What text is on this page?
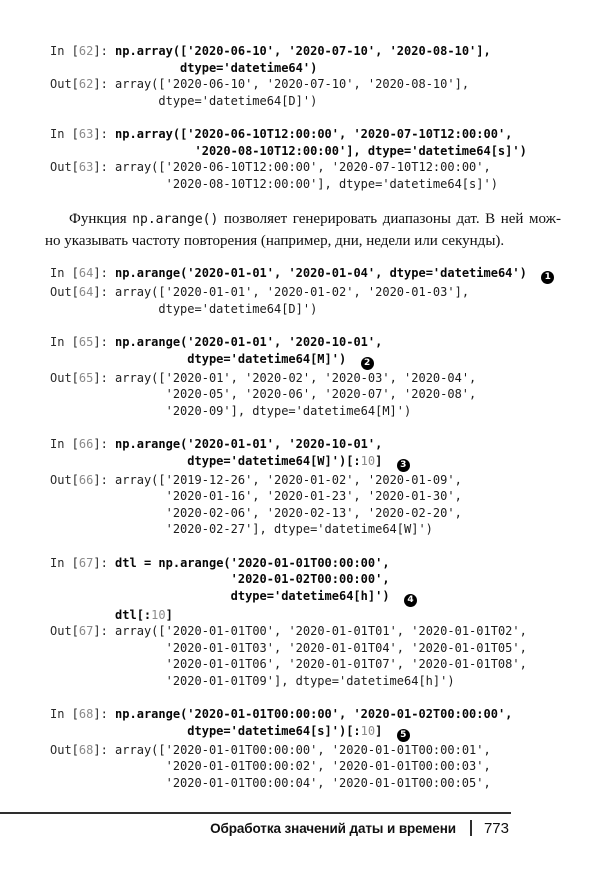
In [62]: np.array(['2020-06-10', '2020-07-10', '2020-08-10'],
dtype='datetime64')
Out[62]: array(['2020-06-10', '2020-07-10', '2020-08-10'],
dtype='datetime64[D]')
In [63]: np.array(['2020-06-10T12:00:00', '2020-07-10T12:00:00',
'2020-08-10T12:00:00'], dtype='datetime64[s]')
Out[63]: array(['2020-06-10T12:00:00', '2020-07-10T12:00:00',
'2020-08-10T12:00:00'], dtype='datetime64[s]')
Функция np.arange() позволяет генерировать диапазоны дат. В ней мож-
но указывать частоту повторения (например, дни, недели или секунды).
In [64]: np.arange('2020-01-01', '2020-01-04', dtype='datetime64')  1
Out[64]: array(['2020-01-01', '2020-01-02', '2020-01-03'],
dtype='datetime64[D]')
In [65]: np.arange('2020-01-01', '2020-10-01',
dtype='datetime64[M]')  2
Out[65]: array(['2020-01', '2020-02', '2020-03', '2020-04',
'2020-05', '2020-06', '2020-07', '2020-08',
'2020-09'], dtype='datetime64[M]')
In [66]: np.arange('2020-01-01', '2020-10-01',
dtype='datetime64[W]')[:10]  3
Out[66]: array(['2019-12-26', '2020-01-02', '2020-01-09',
'2020-01-16', '2020-01-23', '2020-01-30',
'2020-02-06', '2020-02-13', '2020-02-20',
'2020-02-27'], dtype='datetime64[W]')
In [67]: dtl = np.arange('2020-01-01T00:00:00',
'2020-01-02T00:00:00',
dtype='datetime64[h]')  4
dtl[:10]
Out[67]: array(['2020-01-01T00', '2020-01-01T01', '2020-01-01T02',
'2020-01-01T03', '2020-01-01T04', '2020-01-01T05',
'2020-01-01T06', '2020-01-01T07', '2020-01-01T08',
'2020-01-01T09'], dtype='datetime64[h]')
In [68]: np.arange('2020-01-01T00:00:00', '2020-01-02T00:00:00',
dtype='datetime64[s]')[:10]  5
Out[68]: array(['2020-01-01T00:00:00', '2020-01-01T00:00:01',
'2020-01-01T00:00:02', '2020-01-01T00:00:03',
'2020-01-01T00:00:04', '2020-01-01T00:00:05',
Обработка значений даты и времени 773
